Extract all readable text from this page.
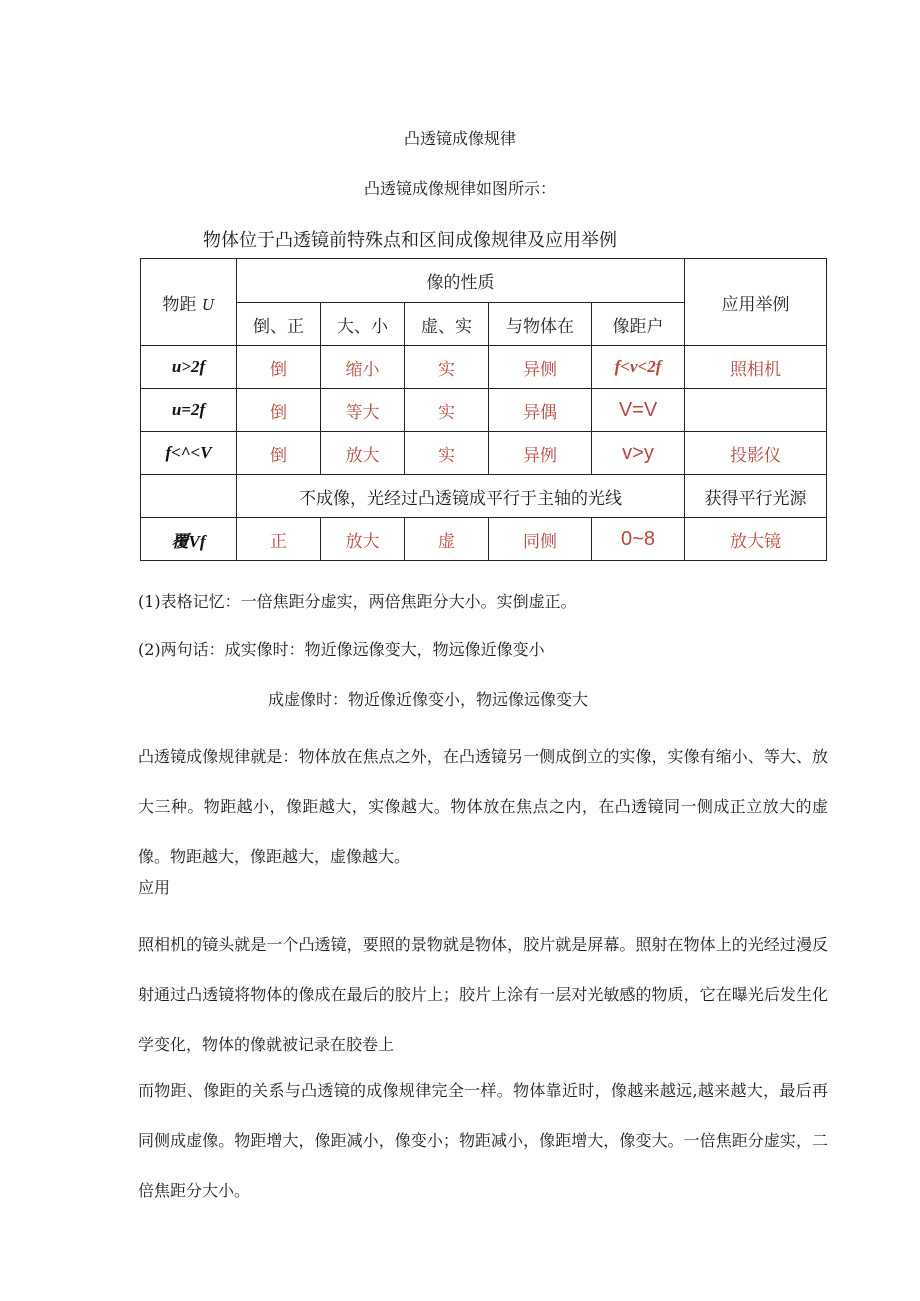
凸透镜成像规律
凸透镜成像规律如图所示：
物体位于凸透镜前特殊点和区间成像规律及应用举例
物距 U	像的性质					应用举例
	倒、正	大、小	虚、实	与物体在	像距户	
u>2f	倒	缩小	实	异侧	f<v<2f	照相机
u=2f	倒	等大	实	异偶	V=V	
f<^<V	倒	放大	实	异例	v>y	投影仪
	不成像，光经过凸透镜成平行于主轴的光线					获得平行光源
覆Vf	正	放大	虚	同侧	0~8	放大镜
(1)表格记忆：一倍焦距分虚实，两倍焦距分大小。实倒虚正。
(2)两句话：成实像时：物近像远像变大，物远像近像变小
成虚像时：物近像近像变小，物远像远像变大
凸透镜成像规律就是：物体放在焦点之外，在凸透镜另一侧成倒立的实像，实像有缩小、等大、放大三种。物距越小，像距越大，实像越大。物体放在焦点之内，在凸透镜同一侧成正立放大的虚像。物距越大，像距越大，虚像越大。
应用
照相机的镜头就是一个凸透镜，要照的景物就是物体，胶片就是屏幕。照射在物体上的光经过漫反射通过凸透镜将物体的像成在最后的胶片上；胶片上涂有一层对光敏感的物质，它在曝光后发生化学变化，物体的像就被记录在胶卷上
而物距、像距的关系与凸透镜的成像规律完全一样。物体靠近时，像越来越远,越来越大，最后再同侧成虚像。物距增大，像距减小，像变小；物距减小，像距增大，像变大。一倍焦距分虚实，二倍焦距分大小。
